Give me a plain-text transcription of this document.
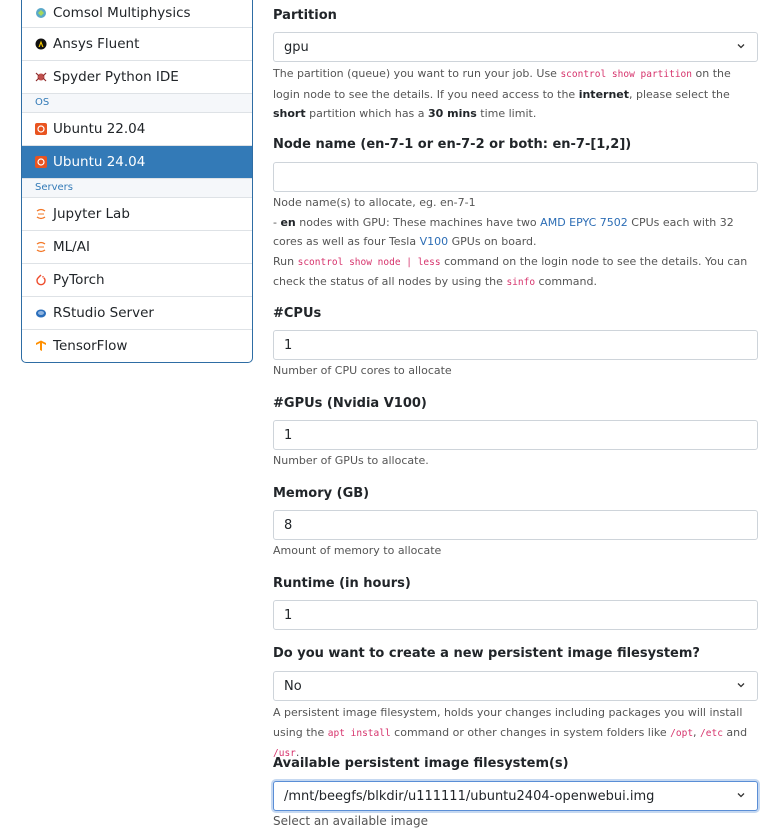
Comsol Multiphysics
Ansys Fluent
Spyder Python IDE
OS
Ubuntu 22.04
Ubuntu 24.04
Servers
Jupyter Lab
ML/AI
PyTorch
RStudio Server
TensorFlow
Partition
gpu
The partition (queue) you want to run your job. Use scontrol show partition on the login node to see the details. If you need access to the internet, please select the short partition which has a 30 mins time limit.
Node name (en-7-1 or en-7-2 or both: en-7-[1,2])
Node name(s) to allocate, eg. en-7-1
- en nodes with GPU: These machines have two AMD EPYC 7502 CPUs each with 32 cores as well as four Tesla V100 GPUs on board.
Run scontrol show node | less command on the login node to see the details. You can check the status of all nodes by using the sinfo command.
#CPUs
1
Number of CPU cores to allocate
#GPUs (Nvidia V100)
1
Number of GPUs to allocate.
Memory (GB)
8
Amount of memory to allocate
Runtime (in hours)
1
Do you want to create a new persistent image filesystem?
No
A persistent image filesystem, holds your changes including packages you will install using the apt install command or other changes in system folders like /opt, /etc and /usr.
Available persistent image filesystem(s)
/mnt/beegfs/blkdir/u111111/ubuntu2404-openwebui.img
Select an available image
